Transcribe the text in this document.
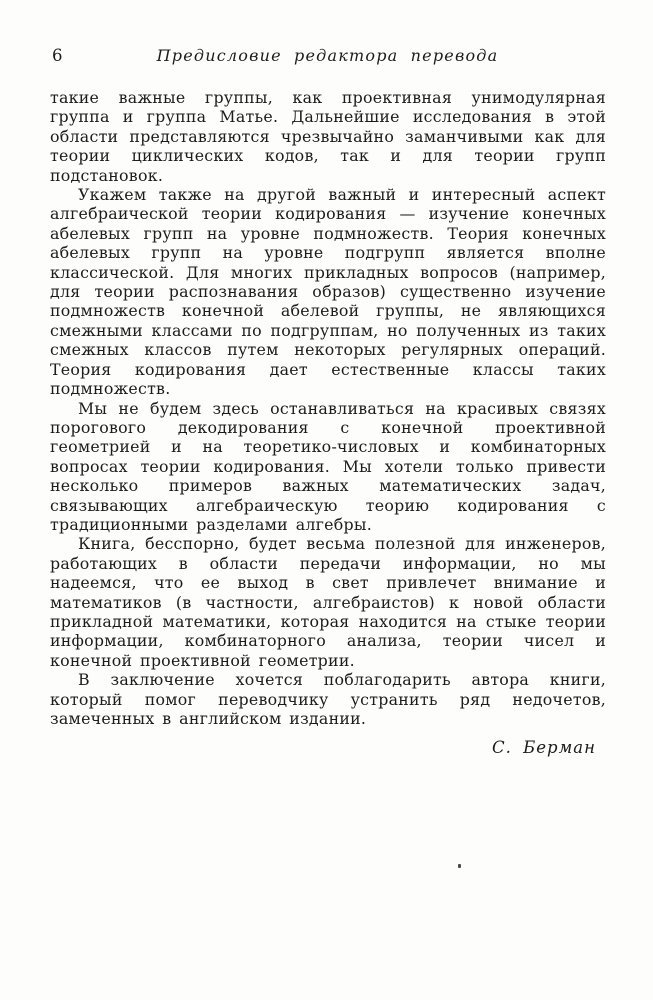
6	Предисловие редактора перевода

такие важные группы, как проективная унимодулярная группа и группа Матье. Дальнейшие исследования в этой области представляются чрезвычайно заманчивыми как для теории циклических кодов, так и для теории групп подстановок.

Укажем также на другой важный и интересный аспект алгебраической теории кодирования — изучение конечных абелевых групп на уровне подмножеств. Теория конечных абелевых групп на уровне подгрупп является вполне классической. Для многих прикладных вопросов (например, для теории распознавания образов) существенно изучение подмножеств конечной абелевой группы, не являющихся смежными классами по подгруппам, но полученных из таких смежных классов путем некоторых регулярных операций. Теория кодирования дает естественные классы таких подмножеств.

Мы не будем здесь останавливаться на красивых связях порогового декодирования с конечной проективной геометрией и на теоретико-числовых и комбинаторных вопросах теории кодирования. Мы хотели только привести несколько примеров важных математических задач, связывающих алгебраическую теорию кодирования с традиционными разделами алгебры.

Книга, бесспорно, будет весьма полезной для инженеров, работающих в области передачи информации, но мы надеемся, что ее выход в свет привлечет внимание и математиков (в частности, алгебраистов) к новой области прикладной математики, которая находится на стыке теории информации, комбинаторного анализа, теории чисел и конечной проективной геометрии.

В заключение хочется поблагодарить автора книги, который помог переводчику устранить ряд недочетов, замеченных в английском издании.

С. Берман
